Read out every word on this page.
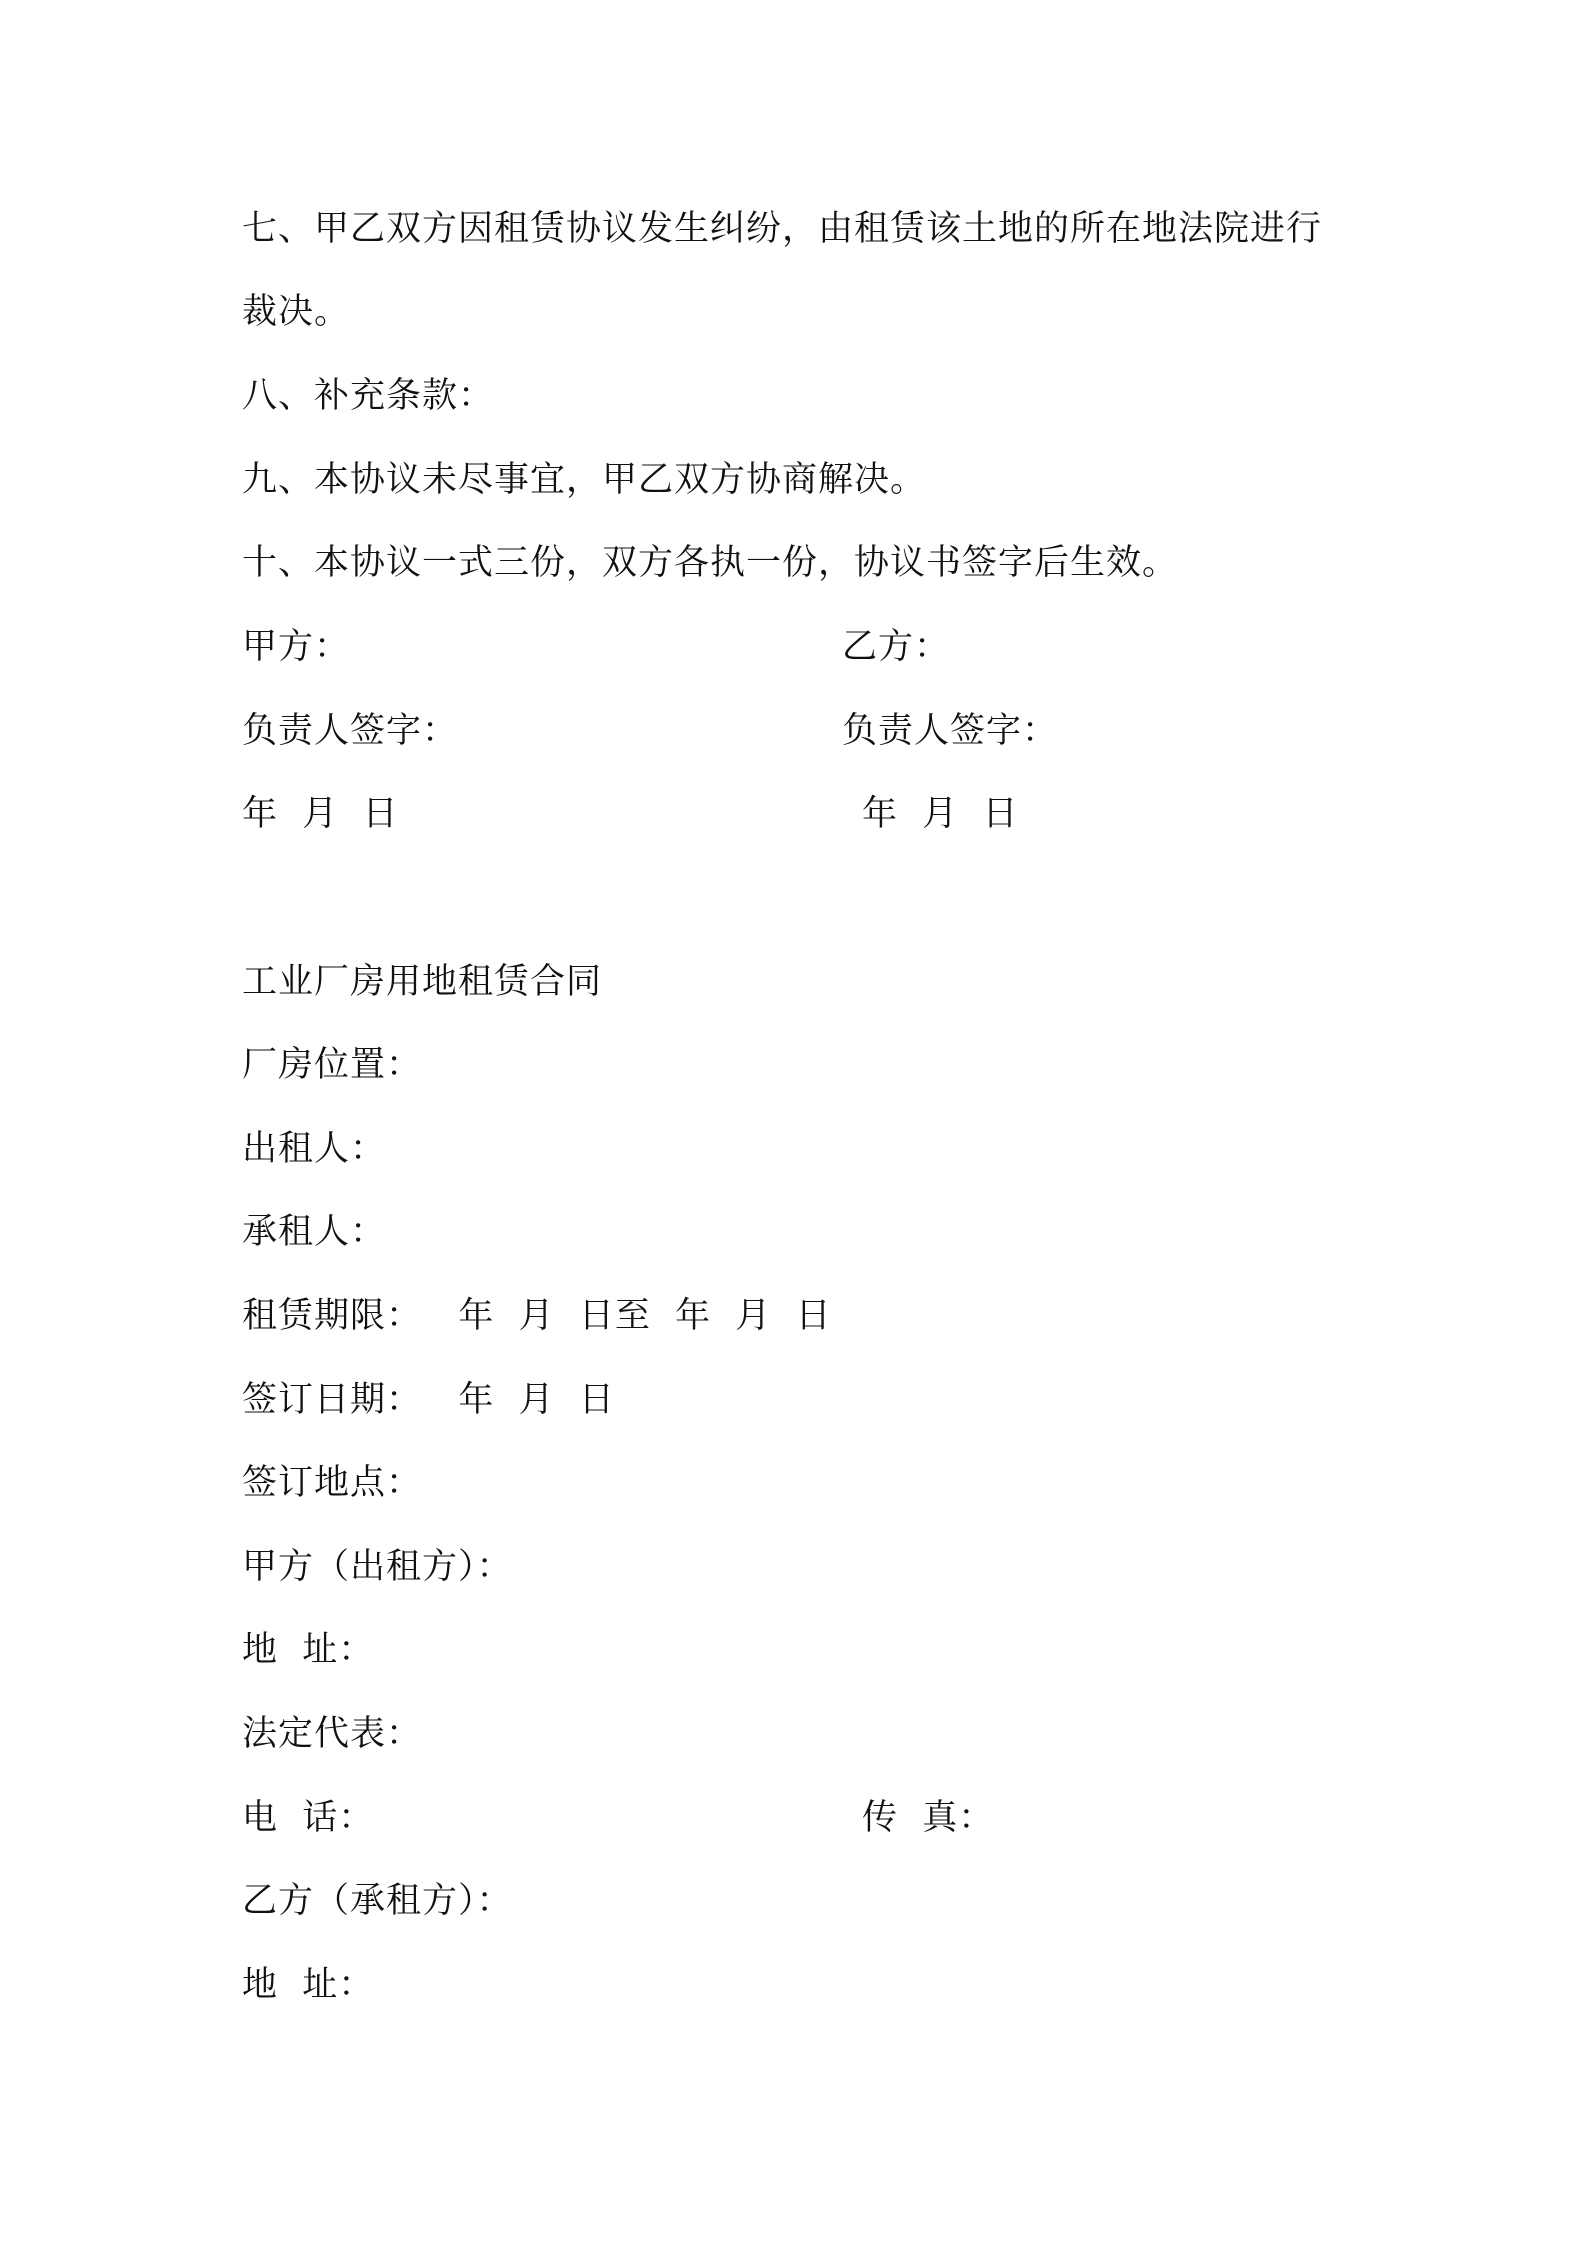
七、甲乙双方因租赁协议发生纠纷，由租赁该土地的所在地法院进行
裁决。
八、补充条款：
九、本协议未尽事宜，甲乙双方协商解决。
十、本协议一式三份，双方各执一份，协议书签字后生效。
甲方：	乙方：
负责人签字：	负责人签字：
年  月  日	年  月  日
工业厂房用地租赁合同
厂房位置：
出租人：
承租人：
租赁期限：   年  月  日至  年  月  日
签订日期：   年  月  日
签订地点：
甲方（出租方）：
地  址：
法定代表：
电  话：	传  真：
乙方（承租方）：
地  址：
